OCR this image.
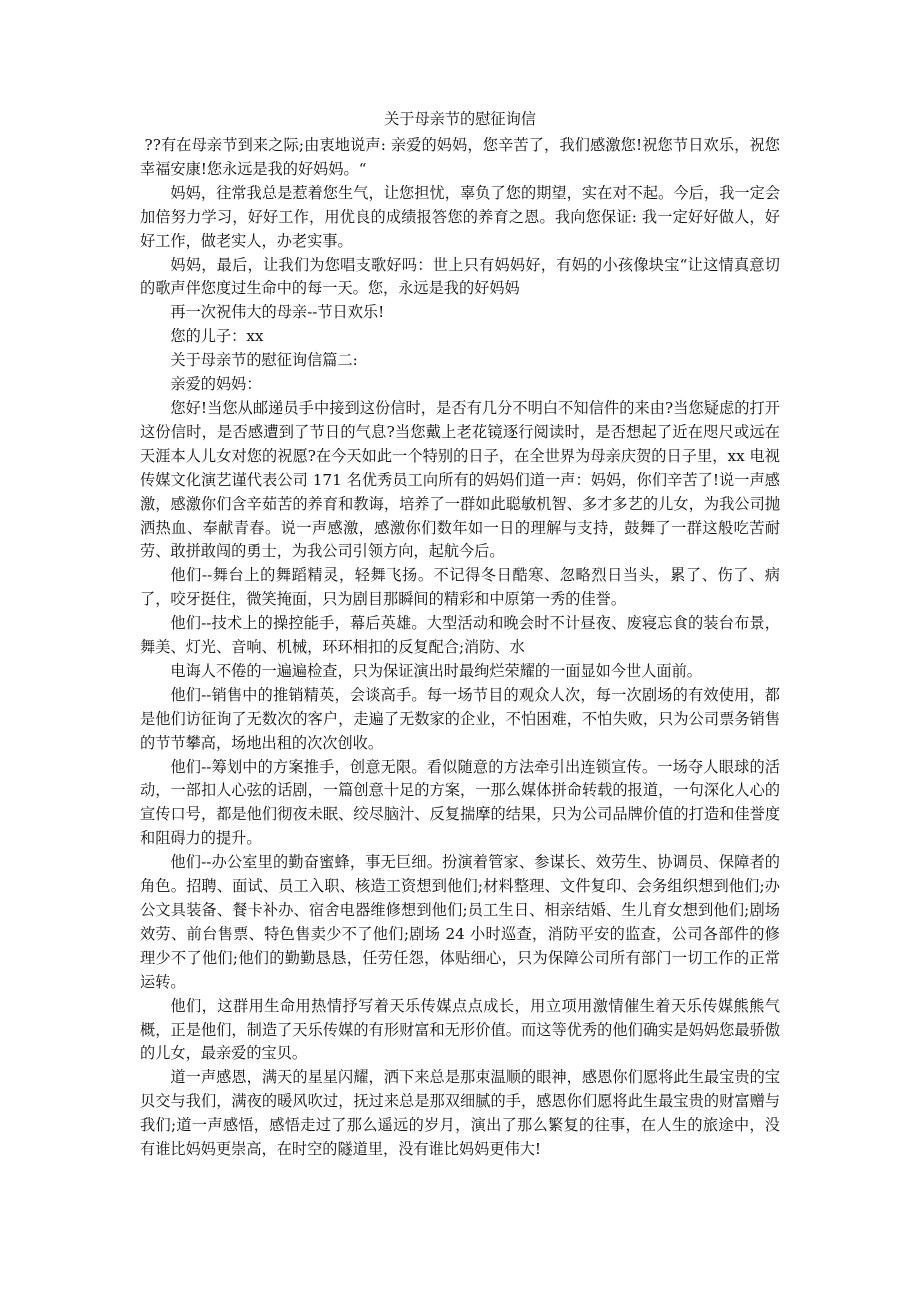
关于母亲节的慰征询信

??有在母亲节到来之际;由衷地说声: 亲爱的妈妈，您辛苦了，我们感激您!祝您节日欢乐，祝您幸福安康!您永远是我的好妈妈。“

妈妈，往常我总是惹着您生气，让您担忧，辜负了您的期望，实在对不起。今后，我一定会加倍努力学习，好好工作，用优良的成绩报答您的养育之恩。我向您保证: 我一定好好做人，好好工作，做老实人，办老实事。

妈妈，最后，让我们为您唱支歌好吗：世上只有妈妈好，有妈的小孩像块宝“让这情真意切的歌声伴您度过生命中的每一天。您，永远是我的好妈妈

再一次祝伟大的母亲--节日欢乐!

您的儿子：xx

关于母亲节的慰征询信篇二:

亲爱的妈妈：

您好!当您从邮递员手中接到这份信时，是否有几分不明白不知信件的来由?当您疑虑的打开这份信时，是否感遭到了节日的气息?当您戴上老花镜逐行阅读时，是否想起了近在咫尺或远在天涯本人儿女对您的祝愿?在今天如此一个特别的日子，在全世界为母亲庆贺的日子里，xx 电视传媒文化演艺谨代表公司 171 名优秀员工向所有的妈妈们道一声：妈妈，你们辛苦了!说一声感激，感激你们含辛茹苦的养育和教诲，培养了一群如此聪敏机智、多才多艺的儿女，为我公司抛洒热血、奉献青春。说一声感激，感激你们数年如一日的理解与支持，鼓舞了一群这般吃苦耐劳、敢拼敢闯的勇士，为我公司引领方向，起航今后。

他们--舞台上的舞蹈精灵，轻舞飞扬。不记得冬日酷寒、忽略烈日当头，累了、伤了、病了，咬牙挺住，微笑掩面，只为剧目那瞬间的精彩和中原第一秀的佳誉。

他们--技术上的操控能手，幕后英雄。大型活动和晚会时不计昼夜、废寝忘食的装台布景，舞美、灯光、音响、机械，环环相扣的反复配合;消防、水

电诲人不倦的一遍遍检查，只为保证演出时最绚烂荣耀的一面显如今世人面前。

他们--销售中的推销精英，会谈高手。每一场节目的观众人次，每一次剧场的有效使用，都是他们访征询了无数次的客户，走遍了无数家的企业，不怕困难，不怕失败，只为公司票务销售的节节攀高，场地出租的次次创收。

他们--筹划中的方案推手，创意无限。看似随意的方法牵引出连锁宣传。一场夺人眼球的活动，一部扣人心弦的话剧，一篇创意十足的方案，一那么媒体拼命转载的报道，一句深化人心的宣传口号，都是他们彻夜未眠、绞尽脑汁、反复揣摩的结果，只为公司品牌价值的打造和佳誉度和阻碍力的提升。

他们--办公室里的勤奋蜜蜂，事无巨细。扮演着管家、参谋长、效劳生、协调员、保障者的角色。招聘、面试、员工入职、核造工资想到他们;材料整理、文件复印、会务组织想到他们;办公文具装备、餐卡补办、宿舍电器维修想到他们;员工生日、相亲结婚、生儿育女想到他们;剧场效劳、前台售票、特色售卖少不了他们;剧场 24 小时巡查，消防平安的监查，公司各部件的修理少不了他们;他们的勤勤恳恳，任劳任怨，体贴细心，只为保障公司所有部门一切工作的正常运转。

他们，这群用生命用热情抒写着天乐传媒点点成长，用立项用激情催生着天乐传媒熊熊气概，正是他们，制造了天乐传媒的有形财富和无形价值。而这等优秀的他们确实是妈妈您最骄傲的儿女，最亲爱的宝贝。

道一声感恩，满天的星星闪耀，洒下来总是那束温顺的眼神，感恩你们愿将此生最宝贵的宝贝交与我们，满夜的暖风吹过，抚过来总是那双细腻的手，感恩你们愿将此生最宝贵的财富赠与我们;道一声感悟，感悟走过了那么遥远的岁月，演出了那么繁复的往事，在人生的旅途中，没有谁比妈妈更崇高，在时空的隧道里，没有谁比妈妈更伟大!
